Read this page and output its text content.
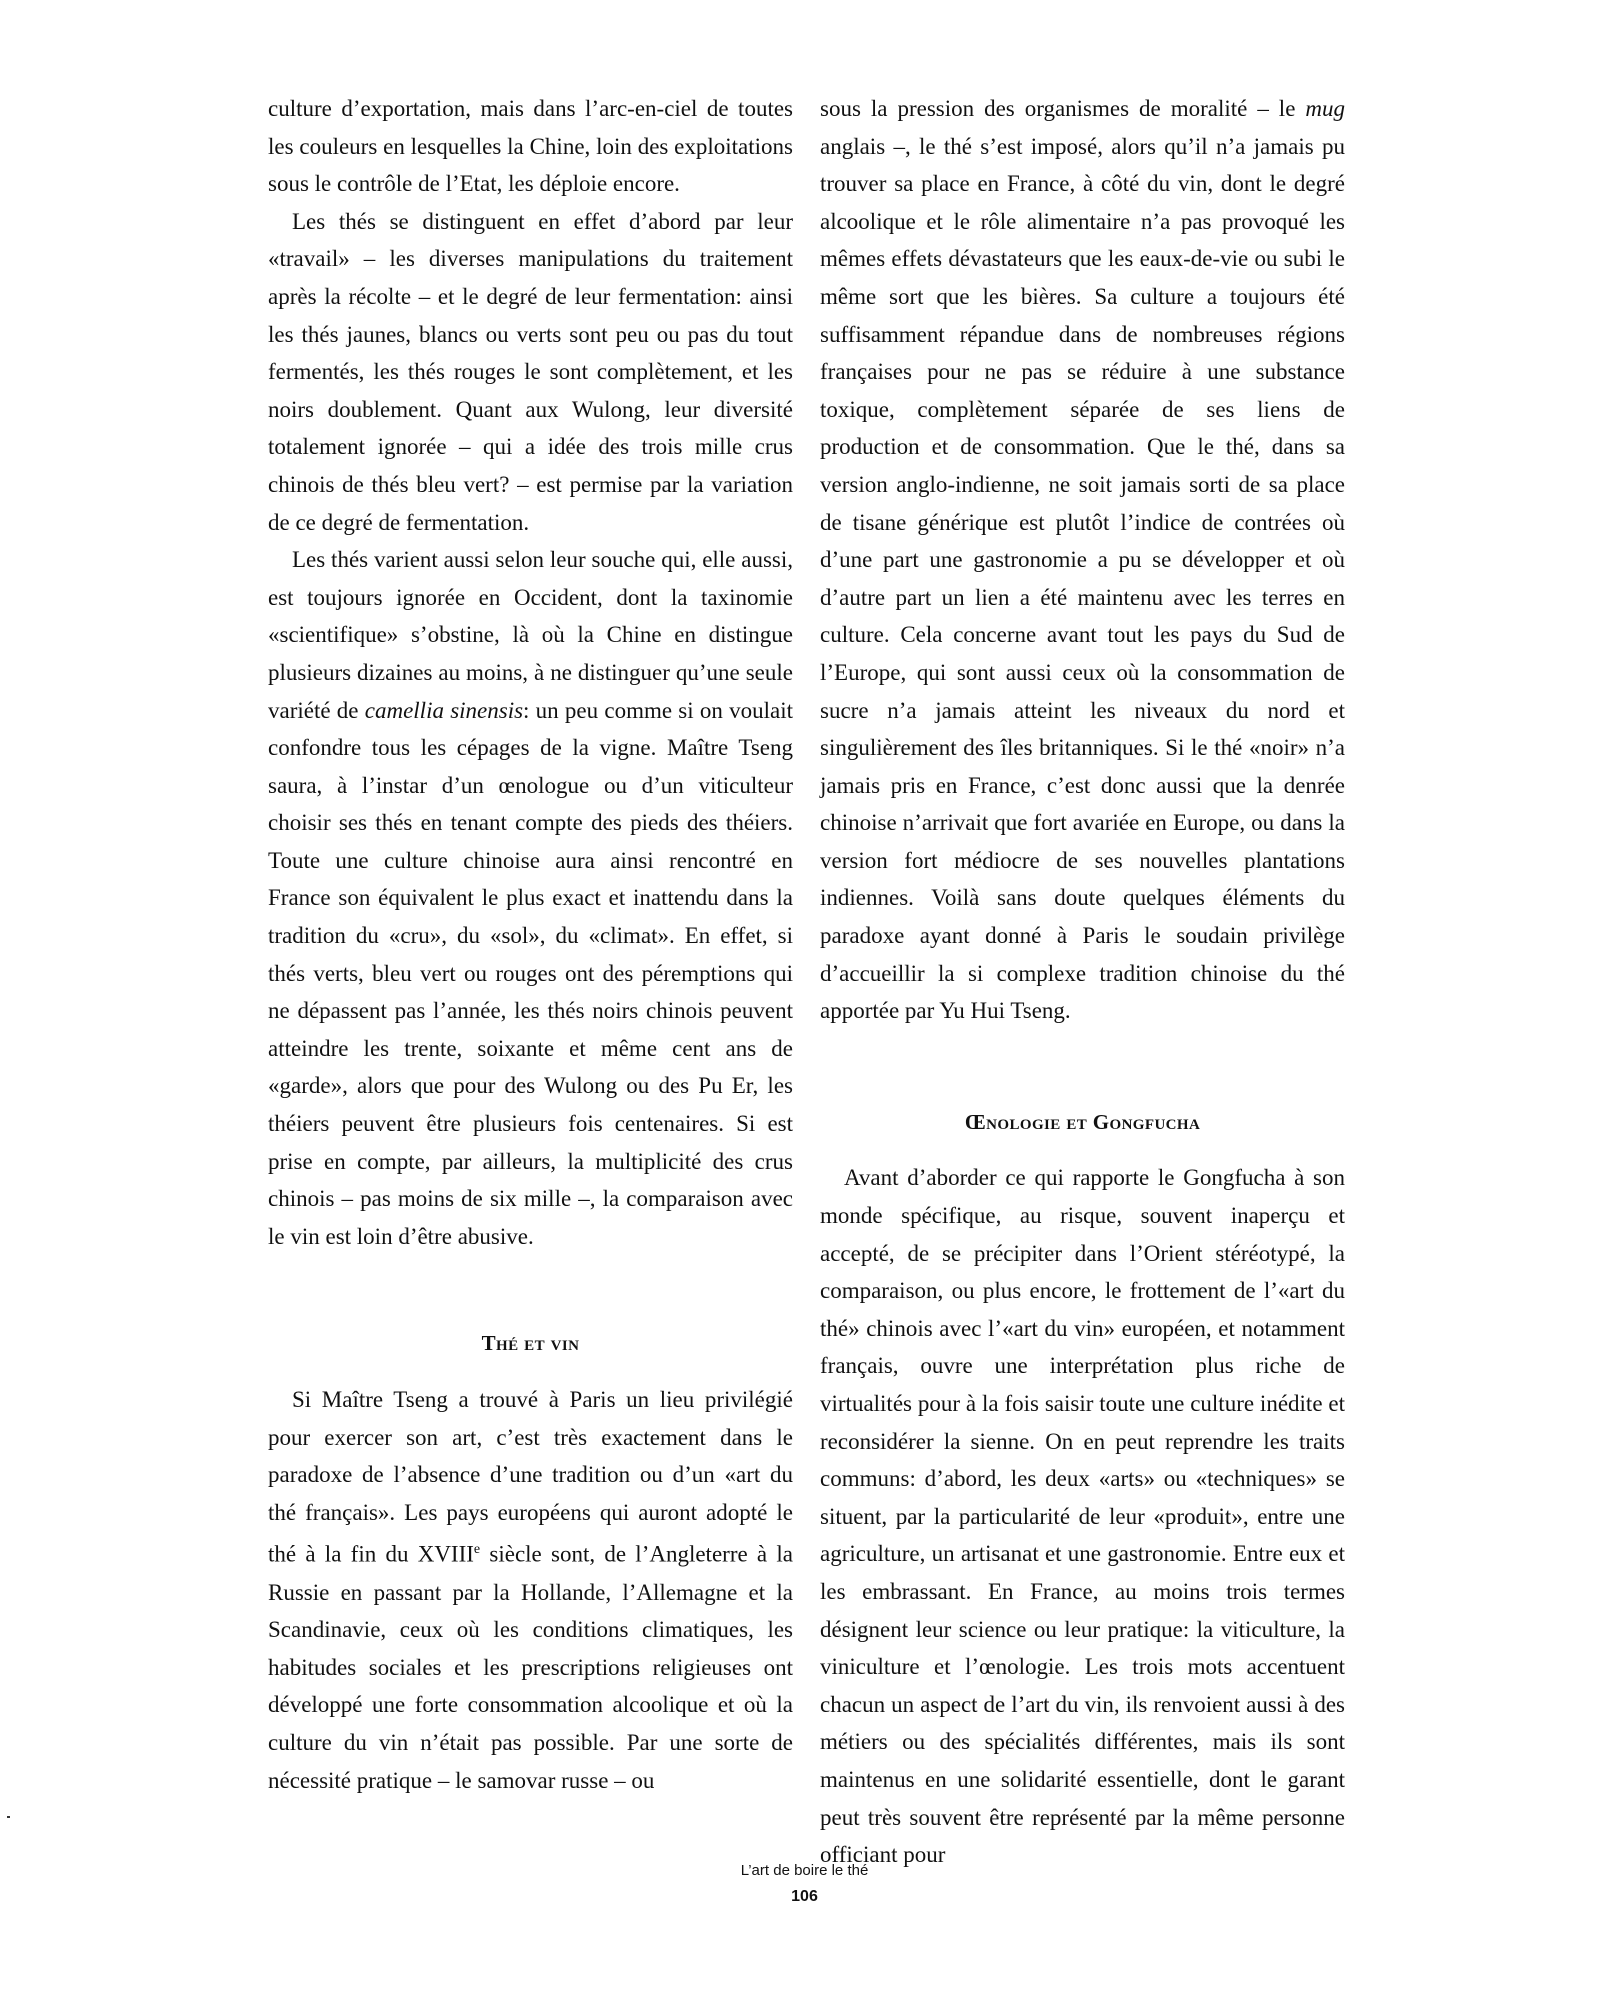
culture d’exportation, mais dans l’arc-en-ciel de toutes les couleurs en lesquelles la Chine, loin des exploitations sous le contrôle de l’Etat, les déploie encore.

Les thés se distinguent en effet d’abord par leur «travail» – les diverses manipulations du traitement après la récolte – et le degré de leur fermentation: ainsi les thés jaunes, blancs ou verts sont peu ou pas du tout fermentés, les thés rouges le sont complètement, et les noirs doublement. Quant aux Wulong, leur diversité totalement ignorée – qui a idée des trois mille crus chinois de thés bleu vert? – est permise par la variation de ce degré de fermentation.

Les thés varient aussi selon leur souche qui, elle aussi, est toujours ignorée en Occident, dont la taxinomie «scientifique» s’obstine, là où la Chine en distingue plusieurs dizaines au moins, à ne distinguer qu’une seule variété de camellia sinensis: un peu comme si on voulait confondre tous les cépages de la vigne. Maître Tseng saura, à l’instar d’un œnologue ou d’un viticulteur choisir ses thés en tenant compte des pieds des théiers. Toute une culture chinoise aura ainsi rencontré en France son équivalent le plus exact et inattendu dans la tradition du «cru», du «sol», du «climat». En effet, si thés verts, bleu vert ou rouges ont des péremptions qui ne dépassent pas l’année, les thés noirs chinois peuvent atteindre les trente, soixante et même cent ans de «garde», alors que pour des Wulong ou des Pu Er, les théiers peuvent être plusieurs fois centenaires. Si est prise en compte, par ailleurs, la multiplicité des crus chinois – pas moins de six mille –, la comparaison avec le vin est loin d’être abusive.

Thé et vin

Si Maître Tseng a trouvé à Paris un lieu privilégié pour exercer son art, c’est très exactement dans le paradoxe de l’absence d’une tradition ou d’un «art du thé français». Les pays européens qui auront adopté le thé à la fin du XVIIIe siècle sont, de l’Angleterre à la Russie en passant par la Hollande, l’Allemagne et la Scandinavie, ceux où les conditions climatiques, les habitudes sociales et les prescriptions religieuses ont développé une forte consommation alcoolique et où la culture du vin n’était pas possible. Par une sorte de nécessité pratique – le samovar russe – ou

sous la pression des organismes de moralité – le mug anglais –, le thé s’est imposé, alors qu’il n’a jamais pu trouver sa place en France, à côté du vin, dont le degré alcoolique et le rôle alimentaire n’a pas provoqué les mêmes effets dévastateurs que les eaux-de-vie ou subi le même sort que les bières. Sa culture a toujours été suffisamment répandue dans de nombreuses régions françaises pour ne pas se réduire à une substance toxique, complètement séparée de ses liens de production et de consommation. Que le thé, dans sa version anglo-indienne, ne soit jamais sorti de sa place de tisane générique est plutôt l’indice de contrées où d’une part une gastronomie a pu se développer et où d’autre part un lien a été maintenu avec les terres en culture. Cela concerne avant tout les pays du Sud de l’Europe, qui sont aussi ceux où la consommation de sucre n’a jamais atteint les niveaux du nord et singulièrement des îles britanniques. Si le thé «noir» n’a jamais pris en France, c’est donc aussi que la denrée chinoise n’arrivait que fort avariée en Europe, ou dans la version fort médiocre de ses nouvelles plantations indiennes. Voilà sans doute quelques éléments du paradoxe ayant donné à Paris le soudain privilège d’accueillir la si complexe tradition chinoise du thé apportée par Yu Hui Tseng.

Œnologie et Gongfucha

Avant d’aborder ce qui rapporte le Gongfucha à son monde spécifique, au risque, souvent inaperçu et accepté, de se précipiter dans l’Orient stéréotypé, la comparaison, ou plus encore, le frottement de l’«art du thé» chinois avec l’«art du vin» européen, et notamment français, ouvre une interprétation plus riche de virtualités pour à la fois saisir toute une culture inédite et reconsidérer la sienne. On en peut reprendre les traits communs: d’abord, les deux «arts» ou «techniques» se situent, par la particularité de leur «produit», entre une agriculture, un artisanat et une gastronomie. Entre eux et les embrassant. En France, au moins trois termes désignent leur science ou leur pratique: la viticulture, la viniculture et l’œnologie. Les trois mots accentuent chacun un aspect de l’art du vin, ils renvoient aussi à des métiers ou des spécialités différentes, mais ils sont maintenus en une solidarité essentielle, dont le garant peut très souvent être représenté par la même personne officiant pour

L’art de boire le thé
106
